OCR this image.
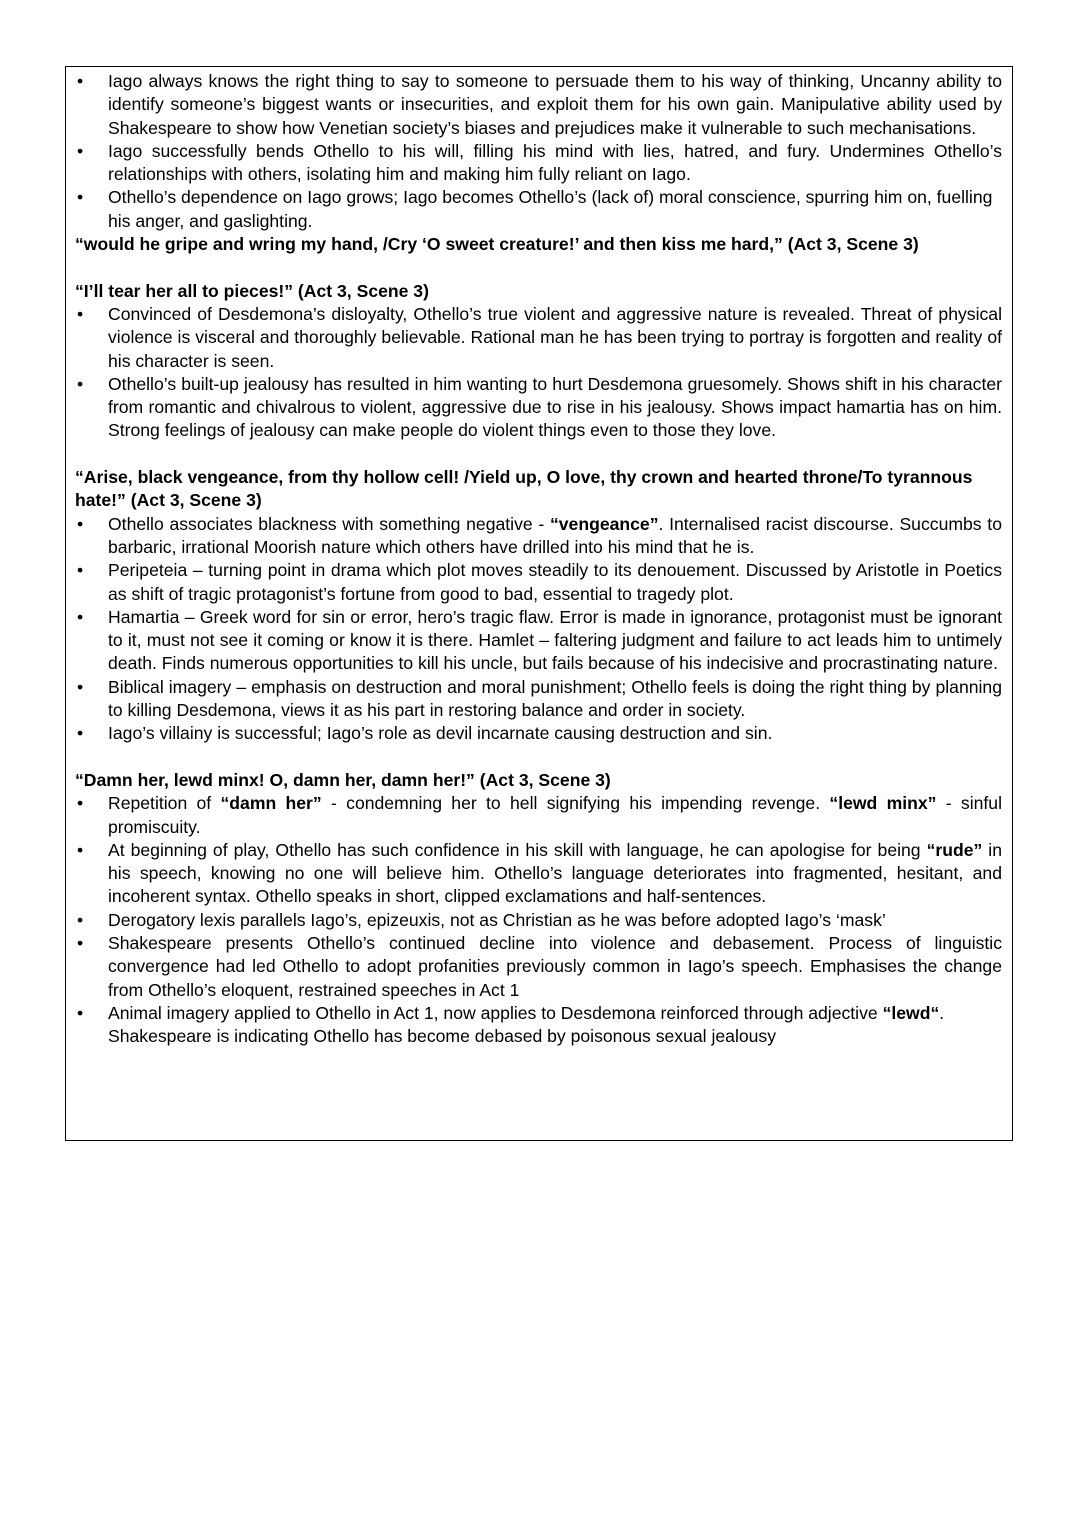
• Iago always knows the right thing to say to someone to persuade them to his way of thinking, Uncanny ability to identify someone’s biggest wants or insecurities, and exploit them for his own gain. Manipulative ability used by Shakespeare to show how Venetian society’s biases and prejudices make it vulnerable to such mechanisations.
• Iago successfully bends Othello to his will, filling his mind with lies, hatred, and fury. Undermines Othello’s relationships with others, isolating him and making him fully reliant on Iago.
• Othello’s dependence on Iago grows; Iago becomes Othello’s (lack of) moral conscience, spurring him on, fuelling his anger, and gaslighting.
“would he gripe and wring my hand, /Cry ‘O sweet creature!’ and then kiss me hard,” (Act 3, Scene 3)
“I’ll tear her all to pieces!” (Act 3, Scene 3)
• Convinced of Desdemona’s disloyalty, Othello’s true violent and aggressive nature is revealed. Threat of physical violence is visceral and thoroughly believable. Rational man he has been trying to portray is forgotten and reality of his character is seen.
• Othello’s built-up jealousy has resulted in him wanting to hurt Desdemona gruesomely. Shows shift in his character from romantic and chivalrous to violent, aggressive due to rise in his jealousy. Shows impact hamartia has on him. Strong feelings of jealousy can make people do violent things even to those they love.
“Arise, black vengeance, from thy hollow cell! /Yield up, O love, thy crown and hearted throne/To tyrannous hate!” (Act 3, Scene 3)
• Othello associates blackness with something negative - “vengeance”. Internalised racist discourse. Succumbs to barbaric, irrational Moorish nature which others have drilled into his mind that he is.
• Peripeteia – turning point in drama which plot moves steadily to its denouement. Discussed by Aristotle in Poetics as shift of tragic protagonist’s fortune from good to bad, essential to tragedy plot.
• Hamartia – Greek word for sin or error, hero’s tragic flaw. Error is made in ignorance, protagonist must be ignorant to it, must not see it coming or know it is there. Hamlet – faltering judgment and failure to act leads him to untimely death. Finds numerous opportunities to kill his uncle, but fails because of his indecisive and procrastinating nature.
• Biblical imagery – emphasis on destruction and moral punishment; Othello feels is doing the right thing by planning to killing Desdemona, views it as his part in restoring balance and order in society.
• Iago’s villainy is successful; Iago’s role as devil incarnate causing destruction and sin.
“Damn her, lewd minx! O, damn her, damn her!” (Act 3, Scene 3)
• Repetition of “damn her” - condemning her to hell signifying his impending revenge. “lewd minx” - sinful promiscuity.
• At beginning of play, Othello has such confidence in his skill with language, he can apologise for being “rude” in his speech, knowing no one will believe him. Othello’s language deteriorates into fragmented, hesitant, and incoherent syntax. Othello speaks in short, clipped exclamations and half-sentences.
• Derogatory lexis parallels Iago’s, epizeuxis, not as Christian as he was before adopted Iago’s ‘mask’
• Shakespeare presents Othello’s continued decline into violence and debasement. Process of linguistic convergence had led Othello to adopt profanities previously common in Iago’s speech. Emphasises the change from Othello’s eloquent, restrained speeches in Act 1
• Animal imagery applied to Othello in Act 1, now applies to Desdemona reinforced through adjective “lewd“. Shakespeare is indicating Othello has become debased by poisonous sexual jealousy
